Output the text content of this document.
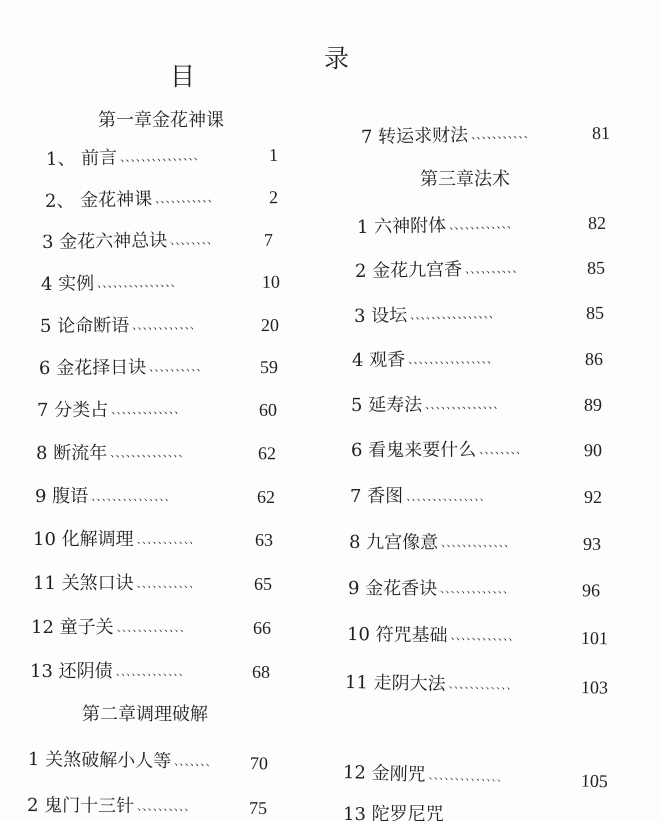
目
录
第一章金花神课
1、 前言 、、、、、、、、、、、、、、、	1
2、 金花神课 、、、、、、、、、、、	2
3 金花六神总诀 、、、、、、、、	7
4 实例 、、、、、、、、、、、、、、、	10
5 论命断语 、、、、、、、、、、、、	20
6 金花择日诀 、、、、、、、、、、	59
7 分类占 、、、、、、、、、、、、、	60
8 断流年 、、、、、、、、、、、、、、	62
9 腹语 、、、、、、、、、、、、、、、	62
10 化解调理 、、、、、、、、、、、	63
11 关煞口诀 、、、、、、、、、、、	65
12 童子关 、、、、、、、、、、、、、	66
13 还阴债 、、、、、、、、、、、、、	68
第二章调理破解
1 关煞破解小人等 、、、、、、、	70
2 鬼门十三针 、、、、、、、、、、	75
7 转运求财法 、、、、、、、、、、、	81
第三章法术
1 六神附体 、、、、、、、、、、、、	82
2 金花九宫香 、、、、、、、、、、	85
3 设坛 、、、、、、、、、、、、、、、、	85
4 观香 、、、、、、、、、、、、、、、、	86
5 延寿法 、、、、、、、、、、、、、、	89
6 看鬼来要什么 、、、、、、、、	90
7 香图 、、、、、、、、、、、、、、、	92
8 九宫像意 、、、、、、、、、、、、、	93
9 金花香诀 、、、、、、、、、、、、、	96
10 符咒基础 、、、、、、、、、、、、	101
11 走阴大法 、、、、、、、、、、、、	103
12 金刚咒 、、、、、、、、、、、、、、	105
13 陀罗尼咒
